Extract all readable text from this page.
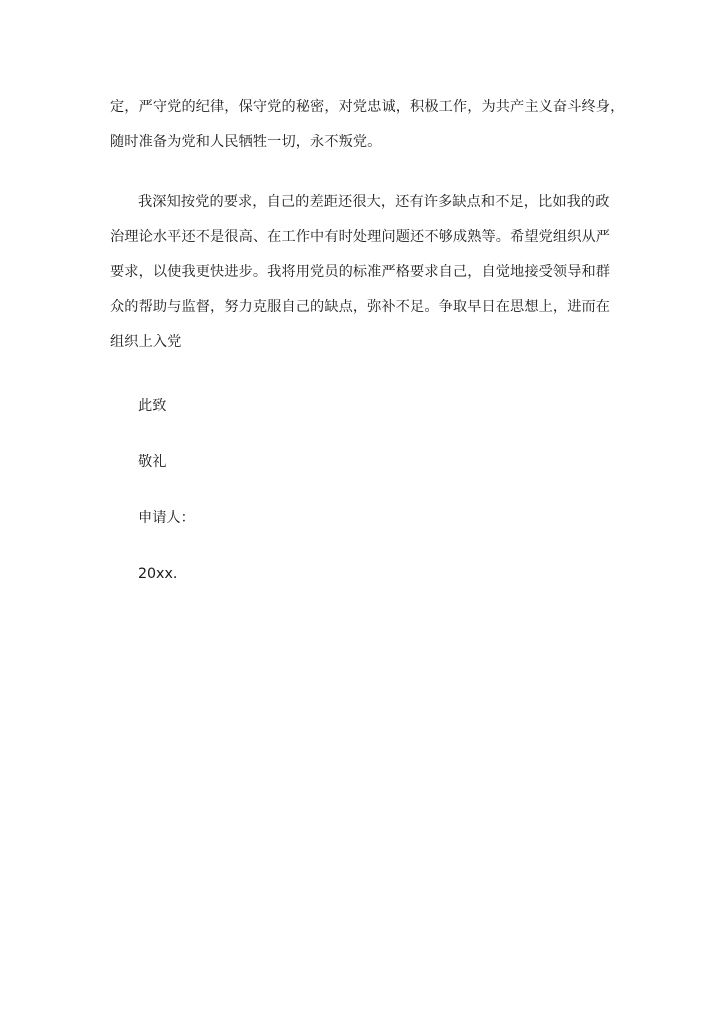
定，严守党的纪律，保守党的秘密，对党忠诚，积极工作，为共产主义奋斗终身，
随时准备为党和人民牺牲一切，永不叛党。
我深知按党的要求，自己的差距还很大，还有许多缺点和不足，比如我的政
治理论水平还不是很高、在工作中有时处理问题还不够成熟等。希望党组织从严
要求，以使我更快进步。我将用党员的标准严格要求自己，自觉地接受领导和群
众的帮助与监督，努力克服自己的缺点，弥补不足。争取早日在思想上，进而在
组织上入党

此致

敬礼

申请人：

20xx.
